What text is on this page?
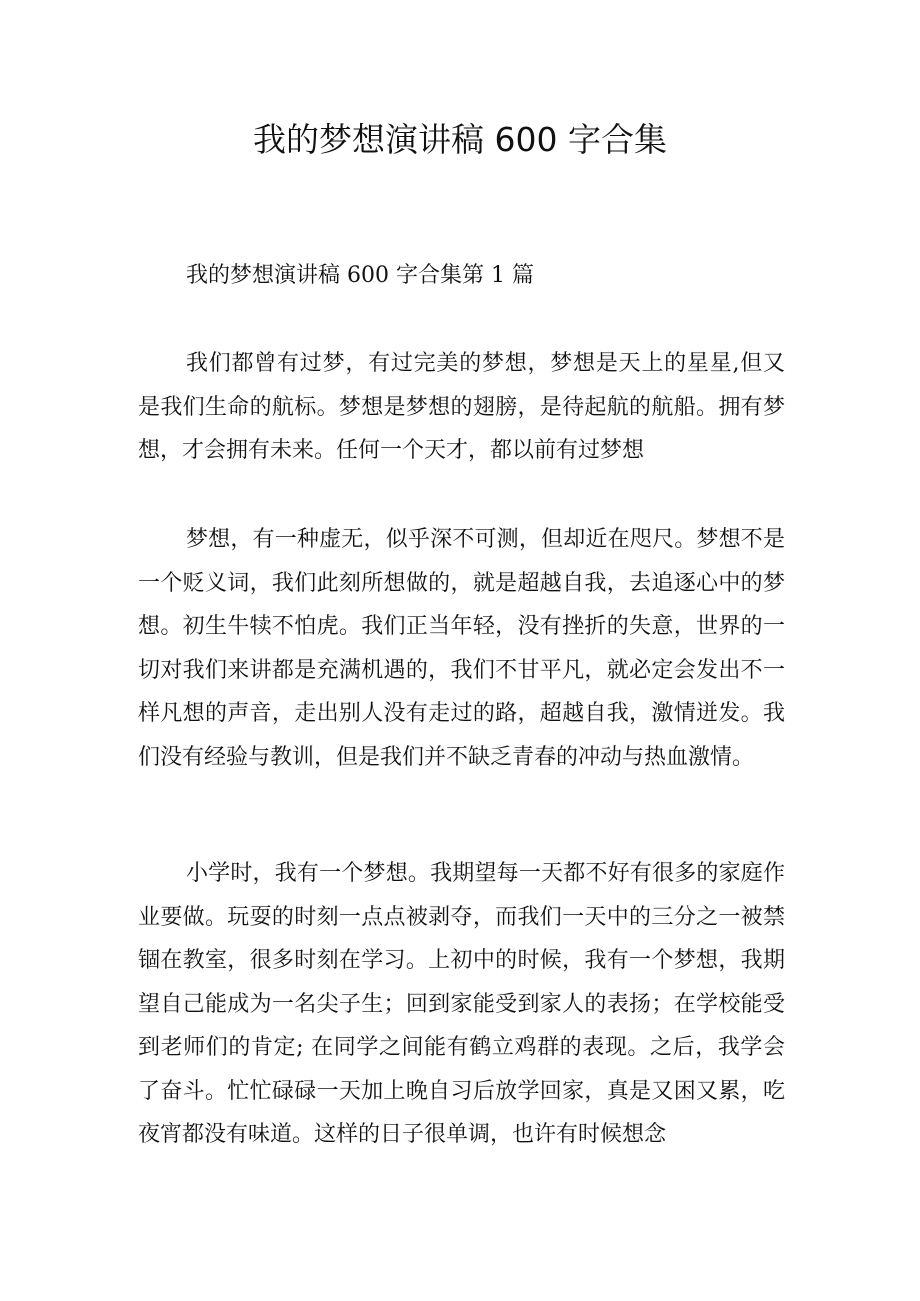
我的梦想演讲稿 600 字合集

我的梦想演讲稿 600 字合集第 1 篇

我们都曾有过梦，有过完美的梦想，梦想是天上的星星,但又是我们生命的航标。梦想是梦想的翅膀，是待起航的航船。拥有梦想，才会拥有未来。任何一个天才，都以前有过梦想

梦想，有一种虚无，似乎深不可测，但却近在咫尺。梦想不是一个贬义词，我们此刻所想做的，就是超越自我，去追逐心中的梦想。初生牛犊不怕虎。我们正当年轻，没有挫折的失意，世界的一切对我们来讲都是充满机遇的，我们不甘平凡，就必定会发出不一样凡想的声音，走出别人没有走过的路，超越自我，激情迸发。我们没有经验与教训，但是我们并不缺乏青春的冲动与热血激情。

小学时，我有一个梦想。我期望每一天都不好有很多的家庭作业要做。玩耍的时刻一点点被剥夺，而我们一天中的三分之一被禁锢在教室，很多时刻在学习。上初中的时候，我有一个梦想，我期望自己能成为一名尖子生；回到家能受到家人的表扬；在学校能受到老师们的肯定; 在同学之间能有鹤立鸡群的表现。之后，我学会了奋斗。忙忙碌碌一天加上晚自习后放学回家，真是又困又累，吃夜宵都没有味道。这样的日子很单调，也许有时候想念
